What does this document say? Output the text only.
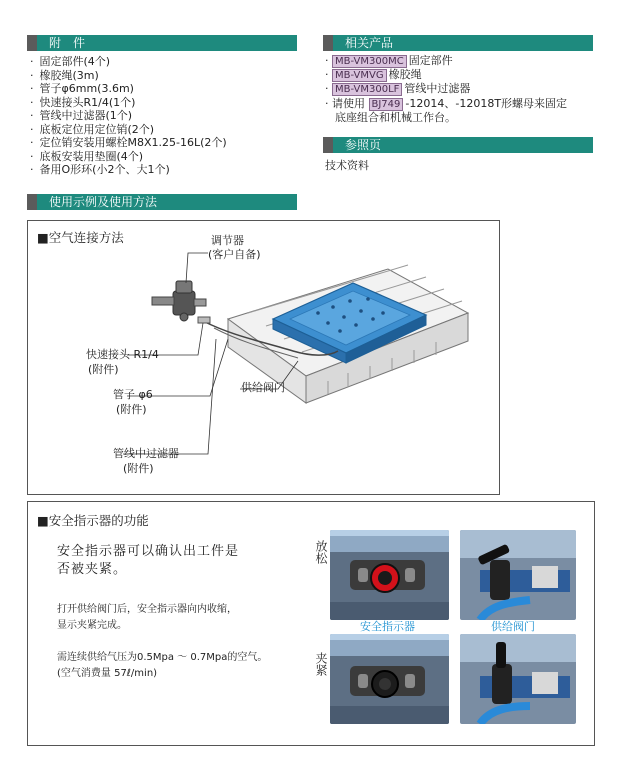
附　件
· 固定部件(4个)
· 橡胶绳(3m)
· 管子φ6mm(3.6m)
· 快速接头R1/4(1个)
· 管线中过滤器(1个)
· 底板定位用定位销(2个)
· 定位销安装用螺栓M8X1.25-16L(2个)
· 底板安装用垫圈(4个)
· 备用O形环(小2个、大1个)
相关产品
· MB-VM300MC 固定部件
· MB-VMVG 橡胶绳
· MB-VM300LF 管线中过滤器
· 请使用 BJ749 -12014、-12018T形螺母来固定
底座组合和机械工作台。
参照页
技术资料
使用示例及使用方法
■空气连接方法	调节器
(客户自备)
快速接头 R1/4
(附件)
管子 φ6
(附件)
供给阀门
管线中过滤器
(附件)
■安全指示器的功能
安全指示器可以确认出工件是
否被夹紧。
打开供给阀门后，安全指示器向内收缩，
显示夹紧完成。
需连续供给气压为0.5Mpa ～ 0.7Mpa的空气。
(空气消费量 57ℓ/min)
放松
夹紧
安全指示器	供给阀门
